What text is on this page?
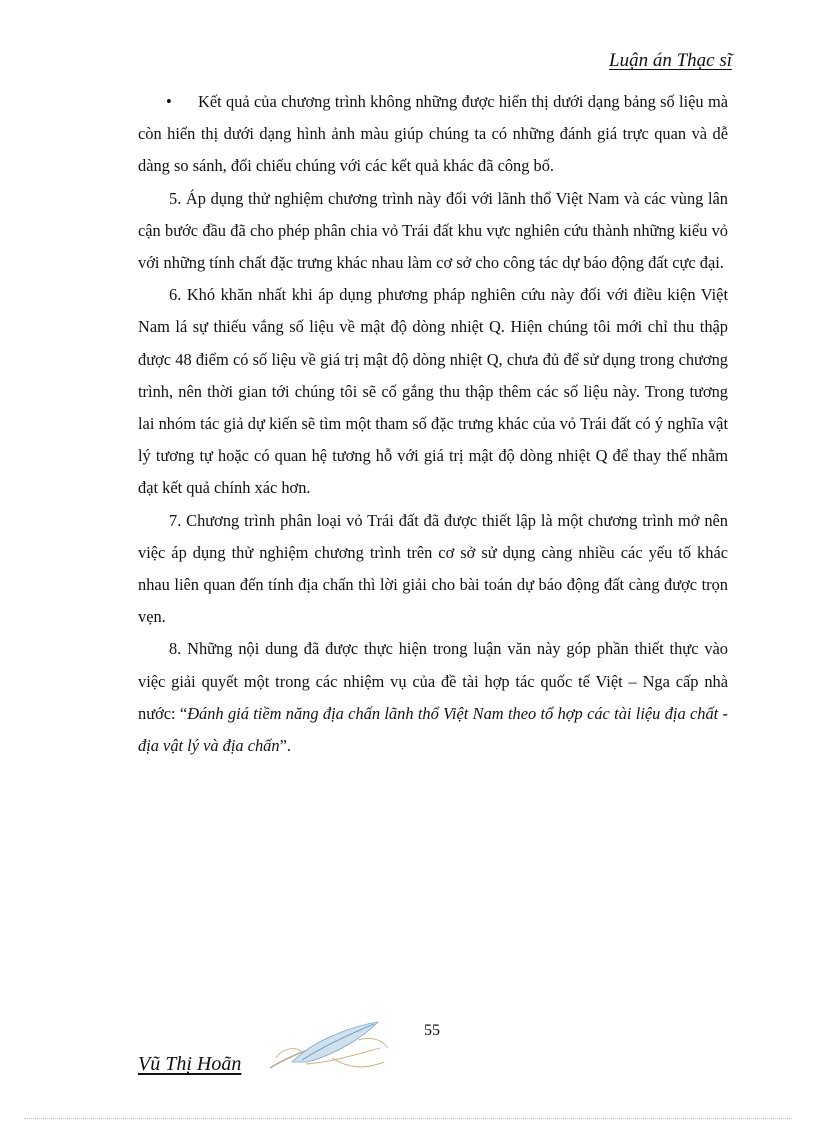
Luận án Thạc sĩ

• Kết quả của chương trình không những được hiển thị dưới dạng bảng số liệu mà còn hiển thị dưới dạng hình ảnh màu giúp chúng ta có những đánh giá trực quan và dễ dàng so sánh, đối chiếu chúng với các kết quả khác đã công bố.

5. Áp dụng thử nghiệm chương trình này đối với lãnh thổ Việt Nam và các vùng lân cận bước đầu đã cho phép phân chia vỏ Trái đất khu vực nghiên cứu thành những kiểu vỏ với những tính chất đặc trưng khác nhau làm cơ sở cho công tác dự báo động đất cực đại.

6. Khó khăn nhất khi áp dụng phương pháp nghiên cứu này đối với điều kiện Việt Nam lá sự thiếu vắng số liệu về mật độ dòng nhiệt Q. Hiện chúng tôi mới chỉ thu thập được 48 điểm có số liệu về giá trị mật độ dòng nhiệt Q, chưa đủ để sử dụng trong chương trình, nên thời gian tới chúng tôi sẽ cố gắng thu thập thêm các số liệu này. Trong tương lai nhóm tác giả dự kiến sẽ tìm một tham số đặc trưng khác của vỏ Trái đất có ý nghĩa vật lý tương tự hoặc có quan hệ tương hỗ với giá trị mật độ dòng nhiệt Q để thay thế nhằm đạt kết quả chính xác hơn.

7. Chương trình phân loại vỏ Trái đất đã được thiết lập là một chương trình mở nên việc áp dụng thử nghiệm chương trình trên cơ sở sử dụng càng nhiều các yếu tố khác nhau liên quan đến tính địa chấn thì lời giải cho bài toán dự báo động đất càng được trọn vẹn.

8. Những nội dung đã được thực hiện trong luận văn này góp phần thiết thực vào việc giải quyết một trong các nhiệm vụ của đề tài hợp tác quốc tế Việt – Nga cấp nhà nước: “Đánh giá tiềm năng địa chấn lãnh thổ Việt Nam theo tổ hợp các tài liệu địa chất - địa vật lý và địa chấn”.

55
Vũ Thị Hoãn
